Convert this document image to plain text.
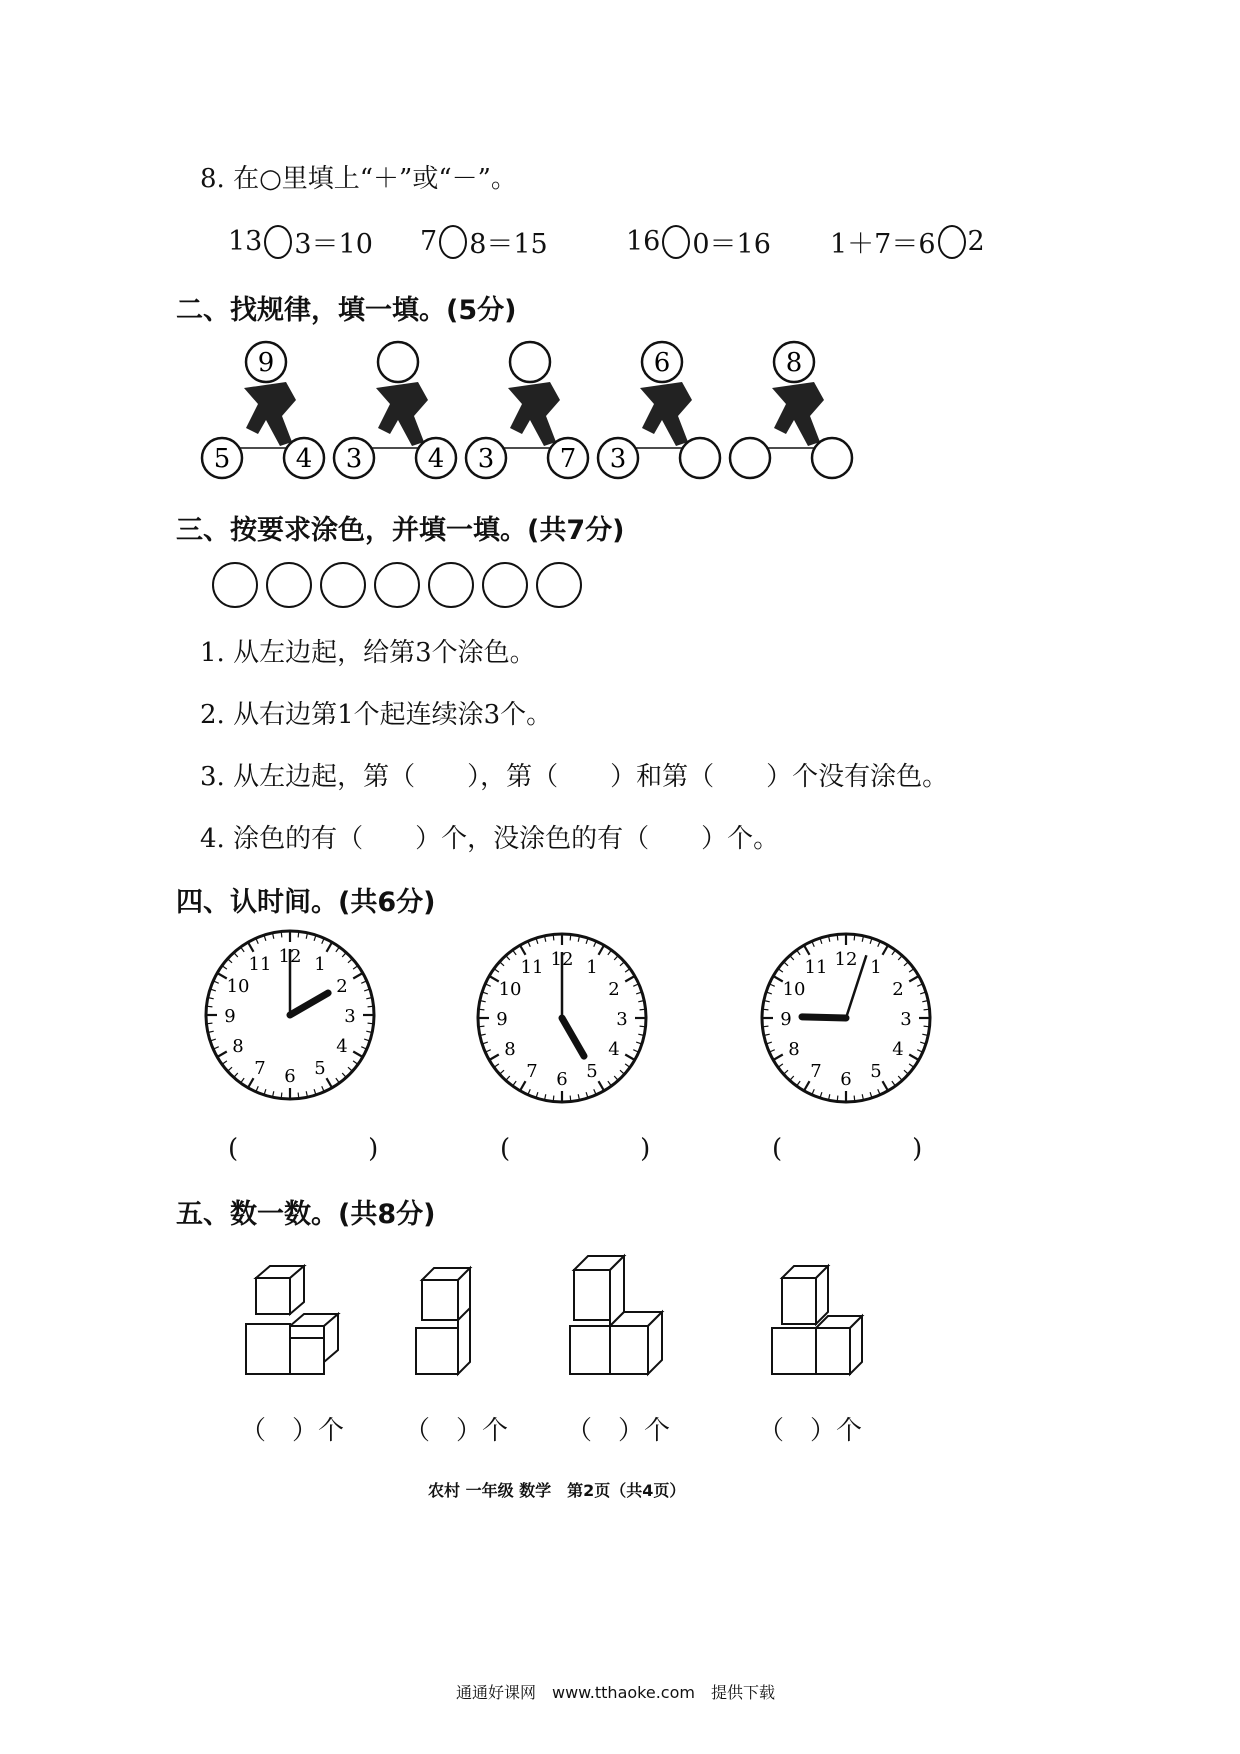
8. 在○里填上“＋”或“－”。
13 3＝10 7 8＝15	16 0＝16 1＋7＝6 2
二、找规律，填一填。(5分)
9
5	4 3	4 3	7
6
3
8
三、按要求涂色，并填一填。(共7分)
1. 从左边起，给第3个涂色。
2. 从右边第1个起连续涂3个。
3. 从左边起，第（　　），第（　　）和第（　　）个没有涂色。
4. 涂色的有（　　）个，没涂色的有（　　）个。
四、认时间。(共6分)
12 1
2
3
4
5
6
7
8
9
10
11	12 1
2
3
4
5
6
7
8
9
10
11	12 1
2
3
4
5
6
7
8
9
10
11
(　　　　　)	(　　　　　)	(　　　　　)
五、数一数。(共8分)
（　）个 （　）个 （　）个	（　）个
农村 一年级 数学　第2页（共4页）
通通好课网　www.tthaoke.com　提供下载
